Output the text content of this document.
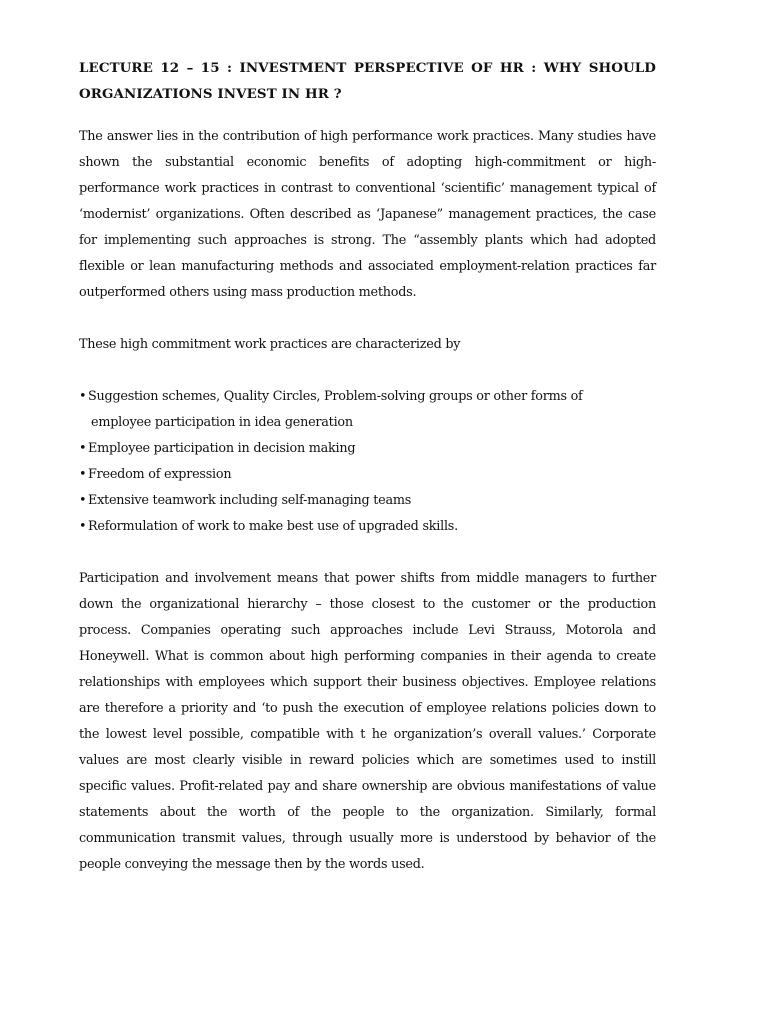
LECTURE 12 – 15 : INVESTMENT PERSPECTIVE OF HR : WHY SHOULD ORGANIZATIONS INVEST IN HR ?

The answer lies in the contribution of high performance work practices. Many studies have shown the substantial economic benefits of adopting high-commitment or high-performance work practices in contrast to conventional ‘scientific’ management typical of ‘modernist’ organizations. Often described as ‘Japanese” management practices, the case for implementing such approaches is strong. The “assembly plants which had adopted flexible or lean manufacturing methods and associated employment-relation practices far outperformed others using mass production methods.

These high commitment work practices are characterized by

• Suggestion schemes, Quality Circles, Problem-solving groups or other forms of
employee participation in idea generation
• Employee participation in decision making
• Freedom of expression
• Extensive teamwork including self-managing teams
• Reformulation of work to make best use of upgraded skills.

Participation and involvement means that power shifts from middle managers to further down the organizational hierarchy – those closest to the customer or the production process. Companies operating such approaches include Levi Strauss, Motorola and Honeywell. What is common about high performing companies in their agenda to create relationships with employees which support their business objectives. Employee relations are therefore a priority and ‘to push the execution of employee relations policies down to the lowest level possible, compatible with t he organization’s overall values.’ Corporate values are most clearly visible in reward policies which are sometimes used to instill specific values. Profit-related pay and share ownership are obvious manifestations of value statements about the worth of the people to the organization. Similarly, formal communication transmit values, through usually more is understood by behavior of the people conveying the message then by the words used.
